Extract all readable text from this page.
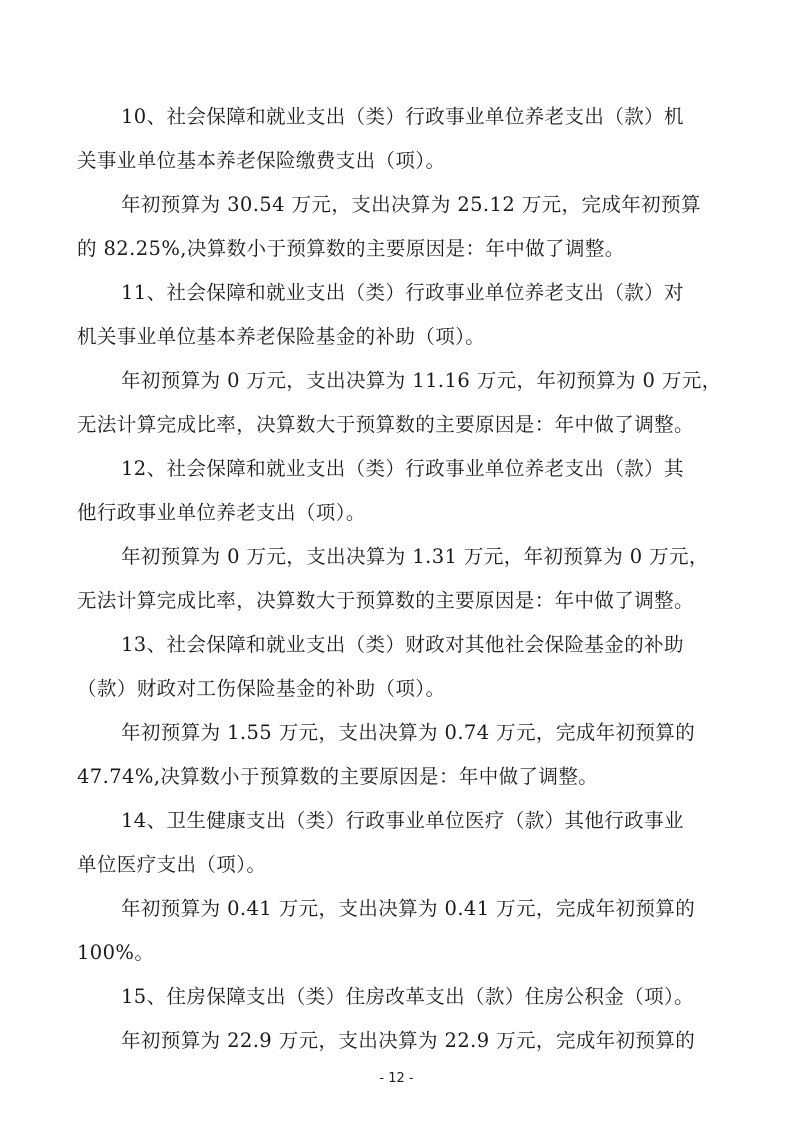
10、社会保障和就业支出（类）行政事业单位养老支出（款）机
关事业单位基本养老保险缴费支出（项）。
年初预算为 30.54 万元，支出决算为 25.12 万元，完成年初预算
的 82.25%,决算数小于预算数的主要原因是：年中做了调整。
11、社会保障和就业支出（类）行政事业单位养老支出（款）对
机关事业单位基本养老保险基金的补助（项）。
年初预算为 0 万元，支出决算为 11.16 万元，年初预算为 0 万元，
无法计算完成比率，决算数大于预算数的主要原因是：年中做了调整。
12、社会保障和就业支出（类）行政事业单位养老支出（款）其
他行政事业单位养老支出（项）。
年初预算为 0 万元，支出决算为 1.31 万元，年初预算为 0 万元，
无法计算完成比率，决算数大于预算数的主要原因是：年中做了调整。
13、社会保障和就业支出（类）财政对其他社会保险基金的补助
（款）财政对工伤保险基金的补助（项）。
年初预算为 1.55 万元，支出决算为 0.74 万元，完成年初预算的
47.74%,决算数小于预算数的主要原因是：年中做了调整。
14、卫生健康支出（类）行政事业单位医疗（款）其他行政事业
单位医疗支出（项）。
年初预算为 0.41 万元，支出决算为 0.41 万元，完成年初预算的
100%。
15、住房保障支出（类）住房改革支出（款）住房公积金（项）。
年初预算为 22.9 万元，支出决算为 22.9 万元，完成年初预算的
- 12 -
